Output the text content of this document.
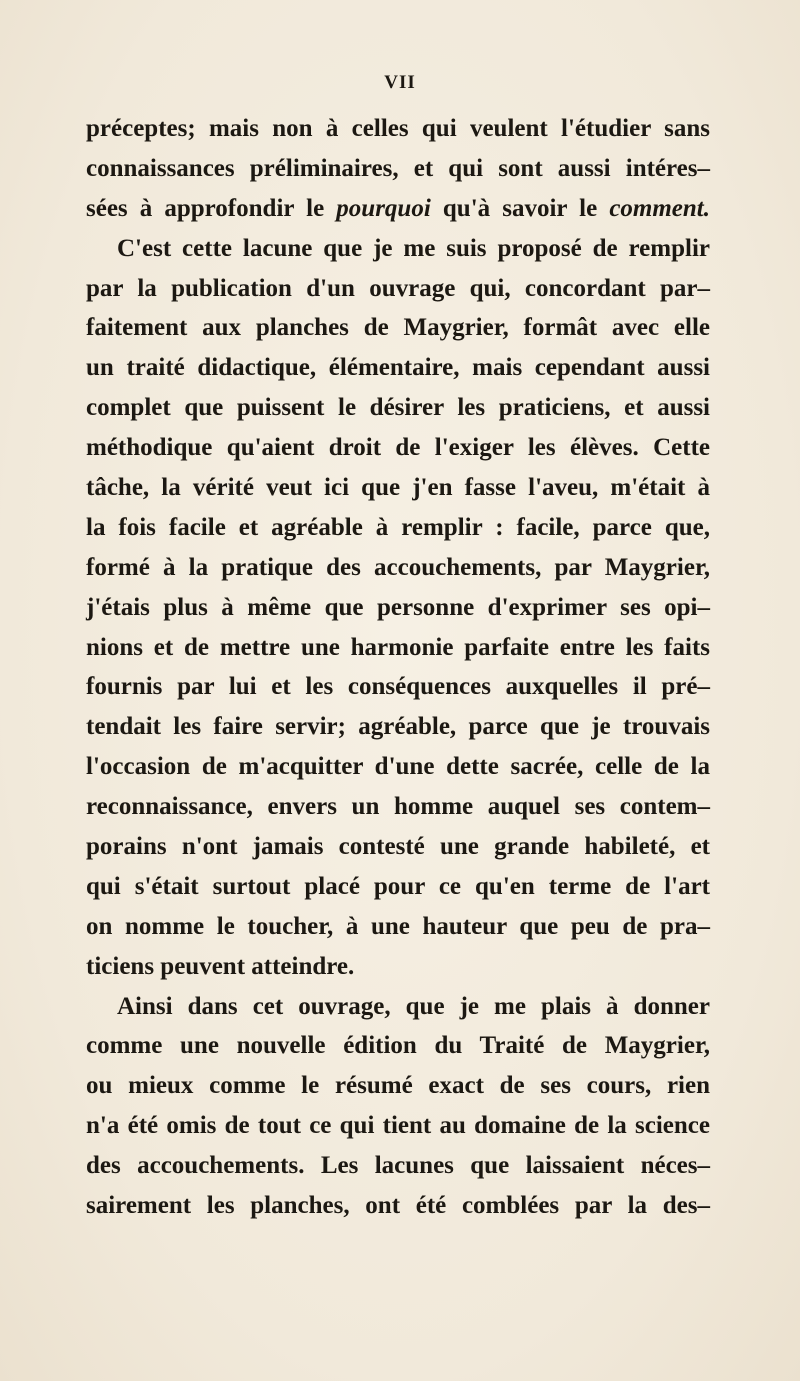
VII
préceptes; mais non à celles qui veulent l'étudier sans
connaissances préliminaires, et qui sont aussi intéres–
sées à approfondir le pourquoi qu'à savoir le comment.
C'est cette lacune que je me suis proposé de remplir
par la publication d'un ouvrage qui, concordant par–
faitement aux planches de Maygrier, formât avec elle
un traité didactique, élémentaire, mais cependant aussi
complet que puissent le désirer les praticiens, et aussi
méthodique qu'aient droit de l'exiger les élèves. Cette
tâche, la vérité veut ici que j'en fasse l'aveu, m'était à
la fois facile et agréable à remplir : facile, parce que,
formé à la pratique des accouchements, par Maygrier,
j'étais plus à même que personne d'exprimer ses opi–
nions et de mettre une harmonie parfaite entre les faits
fournis par lui et les conséquences auxquelles il pré–
tendait les faire servir; agréable, parce que je trouvais
l'occasion de m'acquitter d'une dette sacrée, celle de la
reconnaissance, envers un homme auquel ses contem–
porains n'ont jamais contesté une grande habileté, et
qui s'était surtout placé pour ce qu'en terme de l'art
on nomme le toucher, à une hauteur que peu de pra–
ticiens peuvent atteindre.
Ainsi dans cet ouvrage, que je me plais à donner
comme une nouvelle édition du Traité de Maygrier,
ou mieux comme le résumé exact de ses cours, rien
n'a été omis de tout ce qui tient au domaine de la science
des accouchements. Les lacunes que laissaient néces–
sairement les planches, ont été comblées par la des–
